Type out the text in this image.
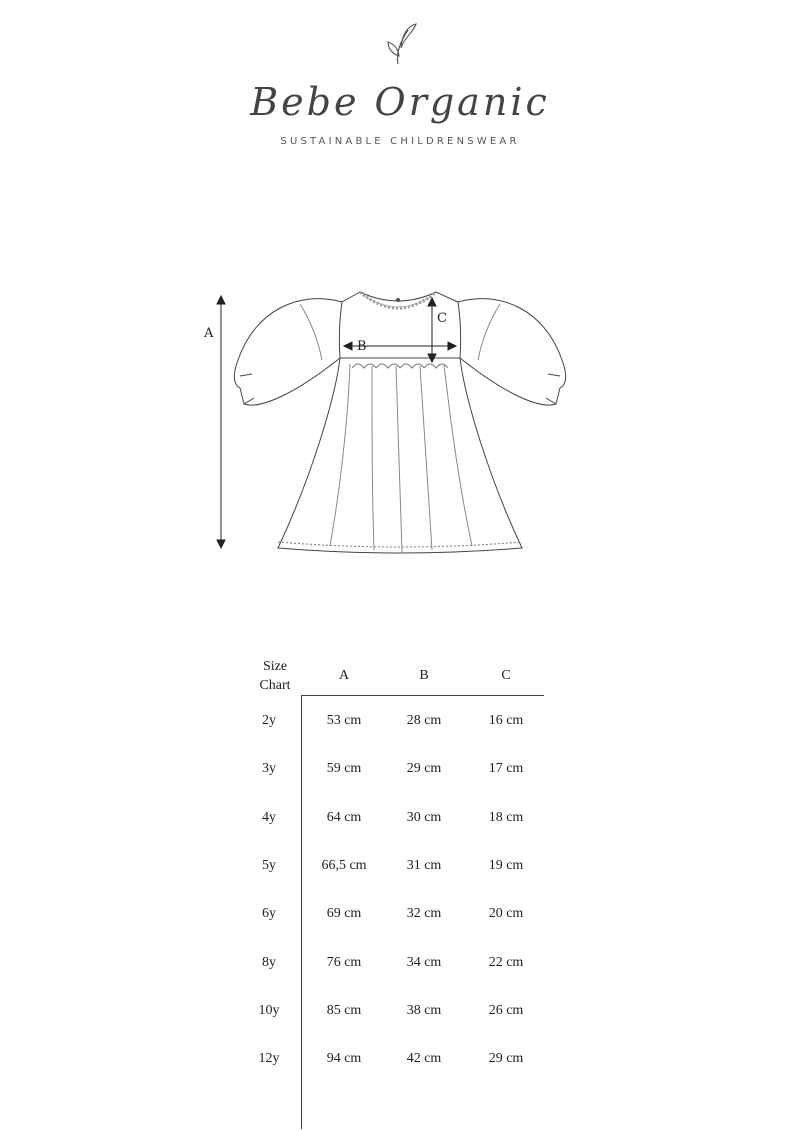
Bebe Organic
SUSTAINABLE CHILDRENSWEAR
A
B
C
Size
Chart
A	B	C
2y	53 cm	28 cm	16 cm
3y	59 cm	29 cm	17 cm
4y	64 cm	30 cm	18 cm
5y	66,5 cm	31 cm	19 cm
6y	69 cm	32 cm	20 cm
8y	76 cm	34 cm	22 cm
10y	85 cm	38 cm	26 cm
12y	94 cm	42 cm	29 cm
